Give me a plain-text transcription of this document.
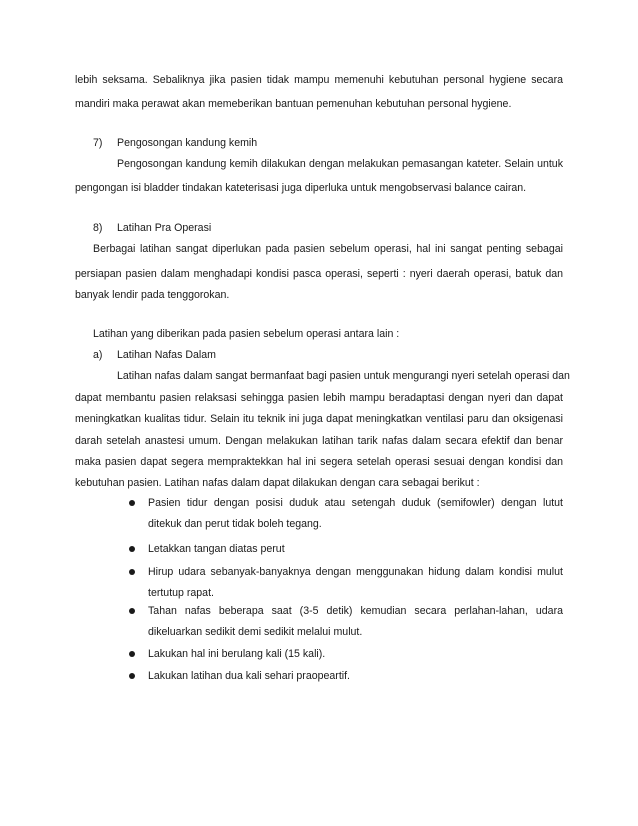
lebih seksama. Sebaliknya jika pasien tidak mampu memenuhi kebutuhan personal hygiene secara
mandiri maka perawat akan memeberikan bantuan pemenuhan kebutuhan personal hygiene.
7) Pengosongan kandung kemih
Pengosongan kandung kemih dilakukan dengan melakukan pemasangan kateter. Selain untuk
pengongan isi bladder tindakan kateterisasi juga diperluka untuk mengobservasi balance cairan.
8) Latihan Pra Operasi
Berbagai latihan sangat diperlukan pada pasien sebelum operasi, hal ini sangat penting sebagai
persiapan pasien dalam menghadapi kondisi pasca operasi, seperti : nyeri daerah operasi, batuk dan
banyak lendir pada tenggorokan.
Latihan yang diberikan pada pasien sebelum operasi antara lain :
a) Latihan Nafas Dalam
Latihan nafas dalam sangat bermanfaat bagi pasien untuk mengurangi nyeri setelah operasi dan
dapat membantu pasien relaksasi sehingga pasien lebih mampu beradaptasi dengan nyeri dan dapat
meningkatkan kualitas tidur. Selain itu teknik ini juga dapat meningkatkan ventilasi paru dan oksigenasi
darah setelah anastesi umum. Dengan melakukan latihan tarik nafas dalam secara efektif dan benar
maka pasien dapat segera mempraktekkan hal ini segera setelah operasi sesuai dengan kondisi dan
kebutuhan pasien. Latihan nafas dalam dapat dilakukan dengan cara sebagai berikut :
Pasien tidur dengan posisi duduk atau setengah duduk (semifowler) dengan lutut
ditekuk dan perut tidak boleh tegang.
Letakkan tangan diatas perut
Hirup udara sebanyak-banyaknya dengan menggunakan hidung dalam kondisi mulut
tertutup rapat.
Tahan nafas beberapa saat (3-5 detik) kemudian secara perlahan-lahan, udara
dikeluarkan sedikit demi sedikit melalui mulut.
Lakukan hal ini berulang kali (15 kali).
Lakukan latihan dua kali sehari praopeartif.
